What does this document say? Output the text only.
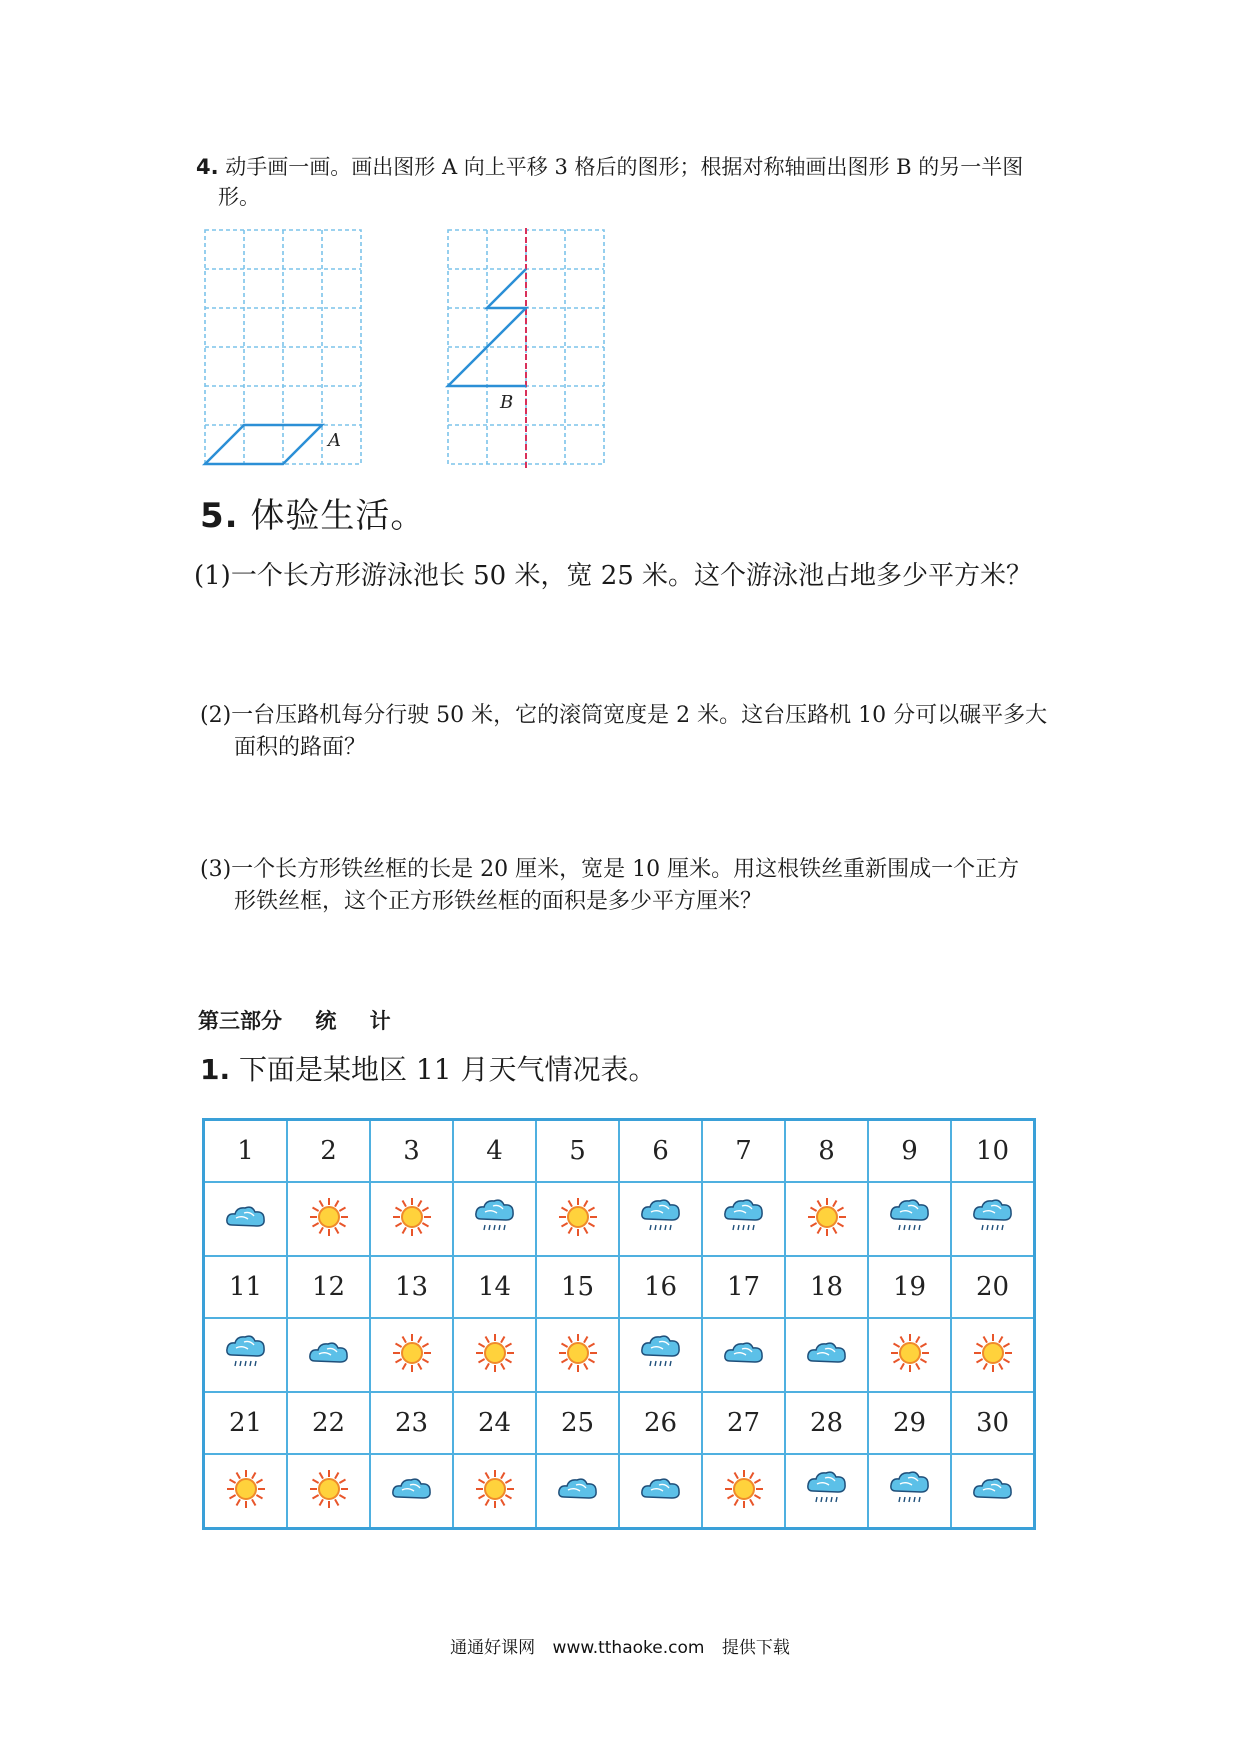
4. 动手画一画。画出图形 A 向上平移 3 格后的图形；根据对称轴画出图形 B 的另一半图
形。
A
B
5. 体验生活。
(1)一个长方形游泳池长 50 米，宽 25 米。这个游泳池占地多少平方米？
(2)一台压路机每分行驶 50 米，它的滚筒宽度是 2 米。这台压路机 10 分可以碾平多大
面积的路面？
(3)一个长方形铁丝框的长是 20 厘米，宽是 10 厘米。用这根铁丝重新围成一个正方
形铁丝框，这个正方形铁丝框的面积是多少平方厘米？
第三部分 统 计
1. 下面是某地区 11 月天气情况表。
1	2	3	4	5	6	7	8	9	10

11	12	13	14	15	16	17	18	19	20

21	22	23	24	25	26	27	28	29	30

通通好课网 www.tthaoke.com 提供下载
